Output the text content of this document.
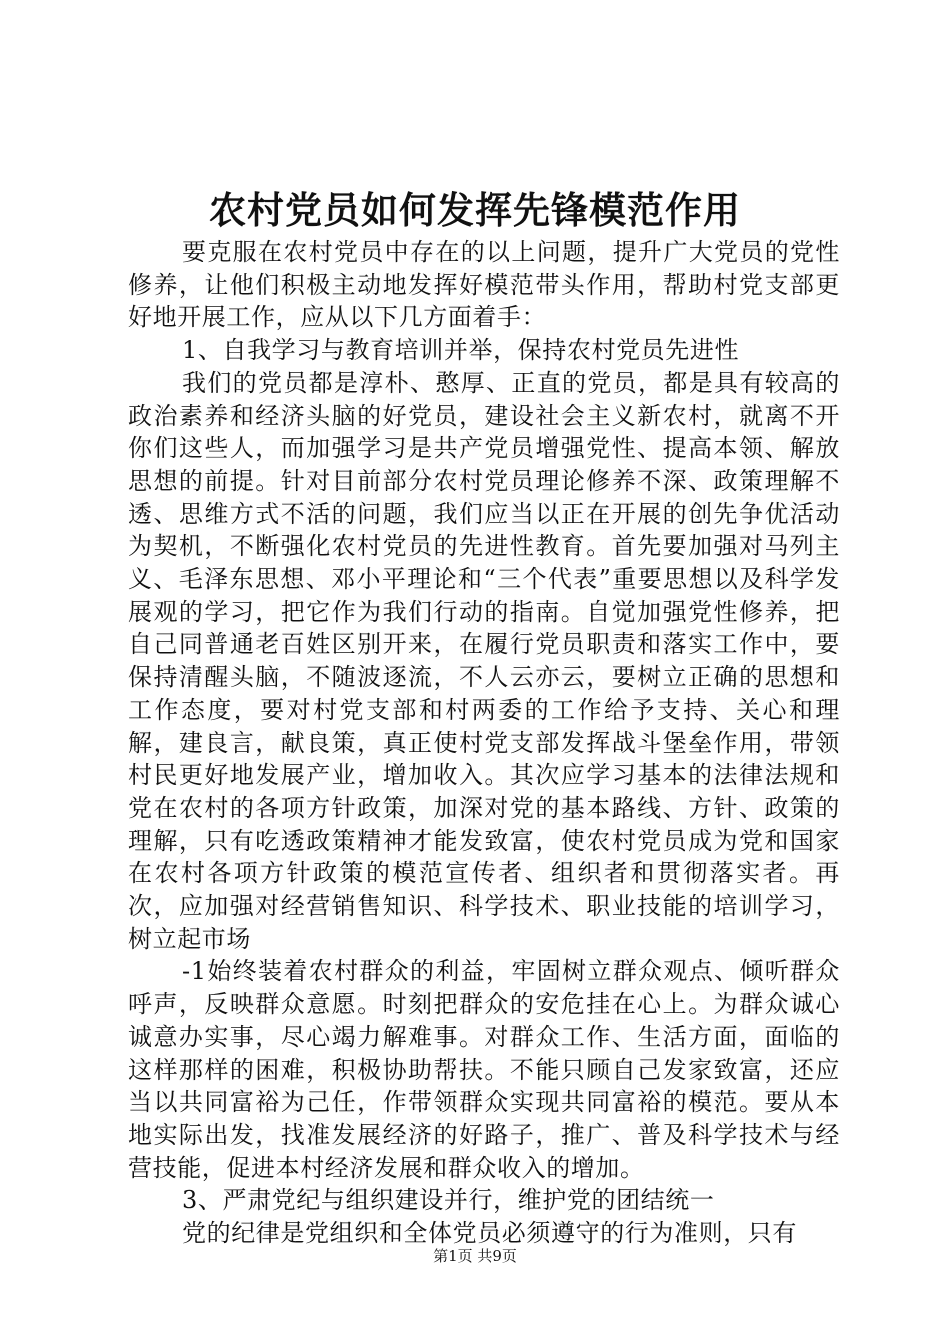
农村党员如何发挥先锋模范作用

要克服在农村党员中存在的以上问题，提升广大党员的党性修养，让他们积极主动地发挥好模范带头作用，帮助村党支部更好地开展工作，应从以下几方面着手：

1、自我学习与教育培训并举，保持农村党员先进性

我们的党员都是淳朴、憨厚、正直的党员，都是具有较高的政治素养和经济头脑的好党员，建设社会主义新农村，就离不开你们这些人，而加强学习是共产党员增强党性、提高本领、解放思想的前提。针对目前部分农村党员理论修养不深、政策理解不透、思维方式不活的问题，我们应当以正在开展的创先争优活动为契机，不断强化农村党员的先进性教育。首先要加强对马列主义、毛泽东思想、邓小平理论和“三个代表”重要思想以及科学发展观的学习，把它作为我们行动的指南。自觉加强党性修养，把自己同普通老百姓区别开来，在履行党员职责和落实工作中，要保持清醒头脑，不随波逐流，不人云亦云，要树立正确的思想和工作态度，要对村党支部和村两委的工作给予支持、关心和理解，建良言，献良策，真正使村党支部发挥战斗堡垒作用，带领村民更好地发展产业，增加收入。其次应学习基本的法律法规和党在农村的各项方针政策，加深对党的基本路线、方针、政策的理解，只有吃透政策精神才能发致富，使农村党员成为党和国家在农村各项方针政策的模范宣传者、组织者和贯彻落实者。再次，应加强对经营销售知识、科学技术、职业技能的培训学习，树立起市场

-1始终装着农村群众的利益，牢固树立群众观点、倾听群众呼声，反映群众意愿。时刻把群众的安危挂在心上。为群众诚心诚意办实事，尽心竭力解难事。对群众工作、生活方面，面临的这样那样的困难，积极协助帮扶。不能只顾自己发家致富，还应当以共同富裕为己任，作带领群众实现共同富裕的模范。要从本地实际出发，找准发展经济的好路子，推广、普及科学技术与经营技能，促进本村经济发展和群众收入的增加。

3、严肃党纪与组织建设并行，维护党的团结统一

党的纪律是党组织和全体党员必须遵守的行为准则，只有

第1页 共9页
